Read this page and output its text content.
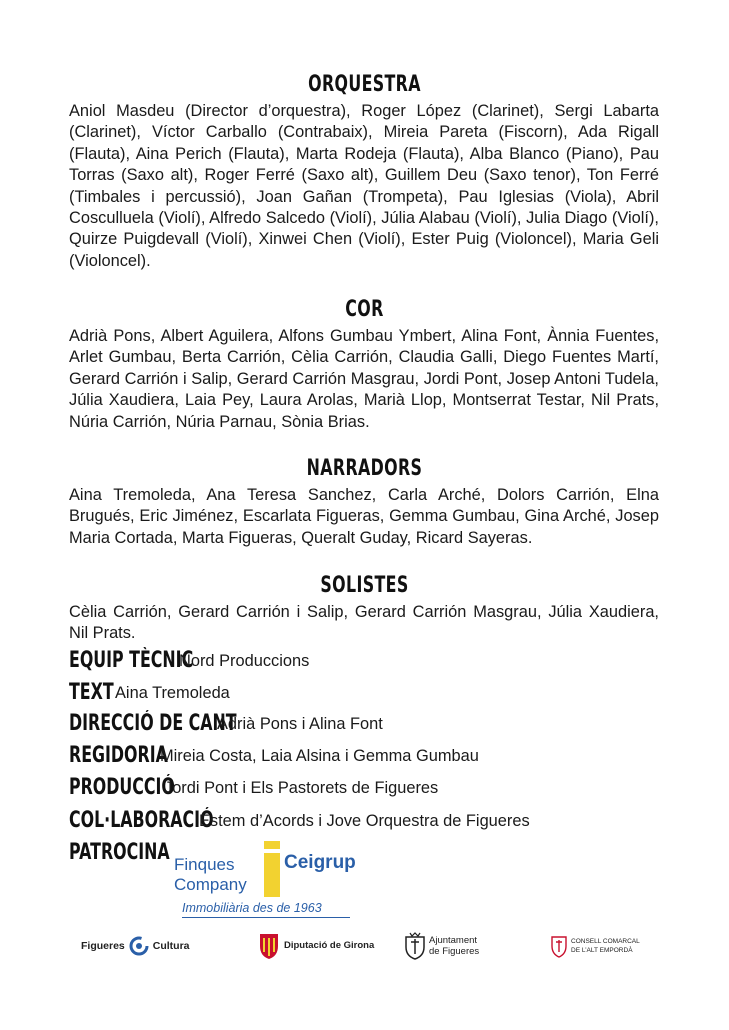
ORQUESTRA
Aniol Masdeu (Director d’orquestra), Roger López (Clarinet), Sergi Labarta (Clarinet), Víctor Carballo (Contrabaix), Mireia Pareta (Fiscorn), Ada Rigall (Flauta), Aina Perich (Flauta), Marta Rodeja (Flauta), Alba Blanco (Piano), Pau Torras (Saxo alt), Roger Ferré (Saxo alt), Guillem Deu (Saxo tenor), Ton Ferré (Timbales i percussió), Joan Gañan (Trompeta), Pau Iglesias (Viola), Abril Cosculluela (Violí), Alfredo Salcedo (Violí), Júlia Alabau (Violí), Julia Diago (Violí), Quirze Puigdevall (Violí), Xinwei Chen (Violí), Ester Puig (Violoncel), Maria Geli (Violoncel).
COR
Adrià Pons, Albert Aguilera, Alfons Gumbau Ymbert, Alina Font, Ànnia Fuentes, Arlet Gumbau, Berta Carrión, Cèlia Carrión, Claudia Galli, Diego Fuentes Martí, Gerard Carrión i Salip, Gerard Carrión Masgrau, Jordi Pont, Josep Antoni Tudela, Júlia Xaudiera, Laia Pey, Laura Arolas, Marià Llop, Montserrat Testar, Nil Prats, Núria Carrión, Núria Parnau, Sònia Brias.
NARRADORS
Aina Tremoleda, Ana Teresa Sanchez, Carla Arché, Dolors Carrión, Elna Brugués, Eric Jiménez, Escarlata Figueras, Gemma Gumbau, Gina Arché, Josep Maria Cortada, Marta Figueras, Queralt Guday, Ricard Sayeras.
SOLISTES
Cèlia Carrión, Gerard Carrión i Salip, Gerard Carrión Masgrau, Júlia Xaudiera, Nil Prats.
EQUIP TÈCNIC
Nord Produccions
TEXT Aina Tremoleda
DIRECCIÓ DE CANT
Adrià Pons i Alina Font
REGIDORIA
Mireia Costa, Laia Alsina i Gemma Gumbau
PRODUCCIÓ
Jordi Pont i Els Pastorets de Figueres
COL·LABORACIÓ
Estem d’Acords i Jove Orquestra de Figueres
PATROCINA Finques
Company
Ceigrup
Immobiliària des de 1963
Figueres	Cultura	Diputació de Girona	Ajuntament
de Figueres
CONSELL COMARCAL
DE L’ALT EMPORDÀ
